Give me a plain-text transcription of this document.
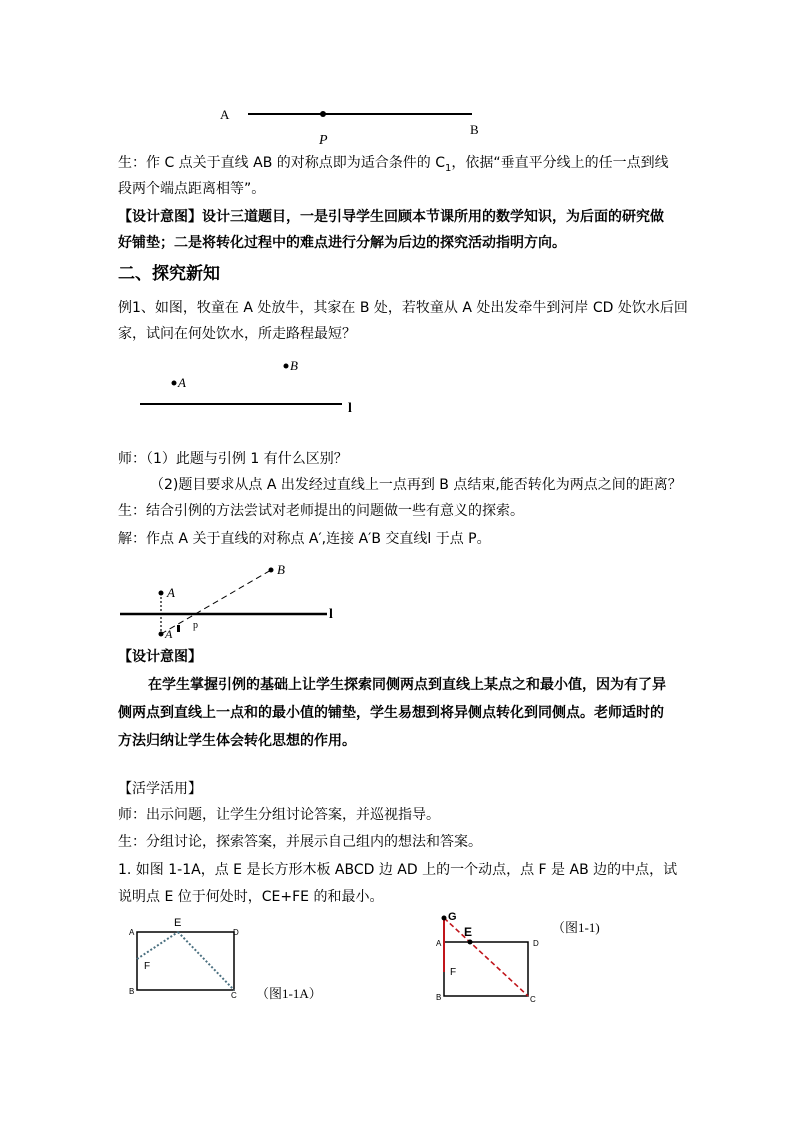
A
B
P
生：作 C 点关于直线 AB 的对称点即为适合条件的 $C_1$，依据“垂直平分线上的任一点到线
段两个端点距离相等”。
【设计意图】设计三道题目，一是引导学生回顾本节课所用的数学知识，为后面的研究做
好铺垫；二是将转化过程中的难点进行分解为后边的探究活动指明方向。
二、探究新知
例1、如图，牧童在 A 处放牛，其家在 B 处，若牧童从 A 处出发牵牛到河岸 CD 处饮水后回
家，试问在何处饮水，所走路程最短？
B
A
l
师：（1）此题与引例 1 有什么区别？
（2)题目要求从点 A 出发经过直线上一点再到 B 点结束,能否转化为两点之间的距离？
生：结合引例的方法尝试对老师提出的问题做一些有意义的探索。
解：作点 A 关于直线的对称点 A′,连接 A′B 交直线l 于点 P。
l
A
B
A
p
【设计意图】
在学生掌握引例的基础上让学生探索同侧两点到直线上某点之和最小值，因为有了异
侧两点到直线上一点和的最小值的铺垫，学生易想到将异侧点转化到同侧点。老师适时的
方法归纳让学生体会转化思想的作用。
【活学活用】
师：出示问题，让学生分组讨论答案，并巡视指导。
生：分组讨论，探索答案，并展示自己组内的想法和答案。
1. 如图 1-1A，点 E 是长方形木板 ABCD 边 AD 上的一个动点，点 F 是 AB 边的中点，试
说明点 E 位于何处时，CE+FE 的和最小。
A
B	C
D
E
F
（图1-1A）
G
E
A
B	C
D
F
（图1-1)
